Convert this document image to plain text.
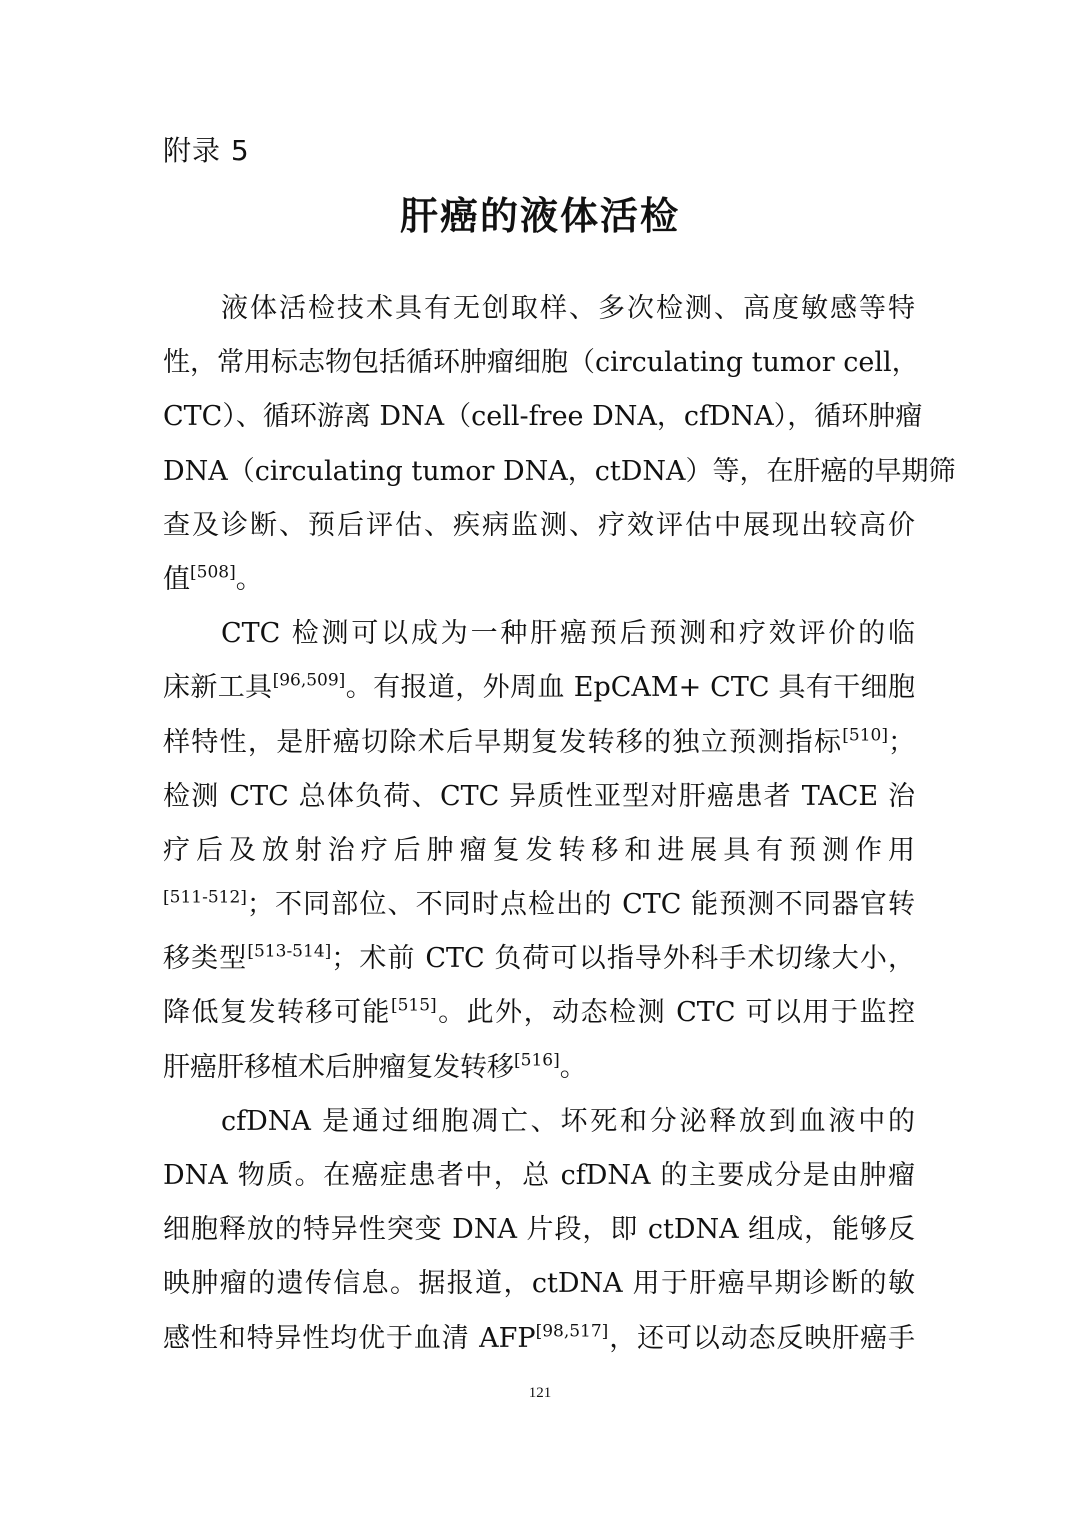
附录 5
肝癌的液体活检
液体活检技术具有无创取样、多次检测、高度敏感等特
性，常用标志物包括循环肿瘤细胞（circulating tumor cell，
CTC）、循环游离 DNA（cell-free DNA，cfDNA），循环肿瘤
DNA（circulating tumor DNA，ctDNA）等，在肝癌的早期筛
查及诊断、预后评估、疾病监测、疗效评估中展现出较高价
值[508]。
CTC 检测可以成为一种肝癌预后预测和疗效评价的临
床新工具[96,509]。有报道，外周血 EpCAM+ CTC 具有干细胞
样特性，是肝癌切除术后早期复发转移的独立预测指标[510]；
检测 CTC 总体负荷、CTC 异质性亚型对肝癌患者 TACE 治
疗后及放射治疗后肿瘤复发转移和进展具有预测作用
[511-512]；不同部位、不同时点检出的 CTC 能预测不同器官转
移类型[513-514]；术前 CTC 负荷可以指导外科手术切缘大小，
降低复发转移可能[515]。此外，动态检测 CTC 可以用于监控
肝癌肝移植术后肿瘤复发转移[516]。
cfDNA 是通过细胞凋亡、坏死和分泌释放到血液中的
DNA 物质。在癌症患者中，总 cfDNA 的主要成分是由肿瘤
细胞释放的特异性突变 DNA 片段，即 ctDNA 组成，能够反
映肿瘤的遗传信息。据报道，ctDNA 用于肝癌早期诊断的敏
感性和特异性均优于血清 AFP[98,517]，还可以动态反映肝癌手
121
